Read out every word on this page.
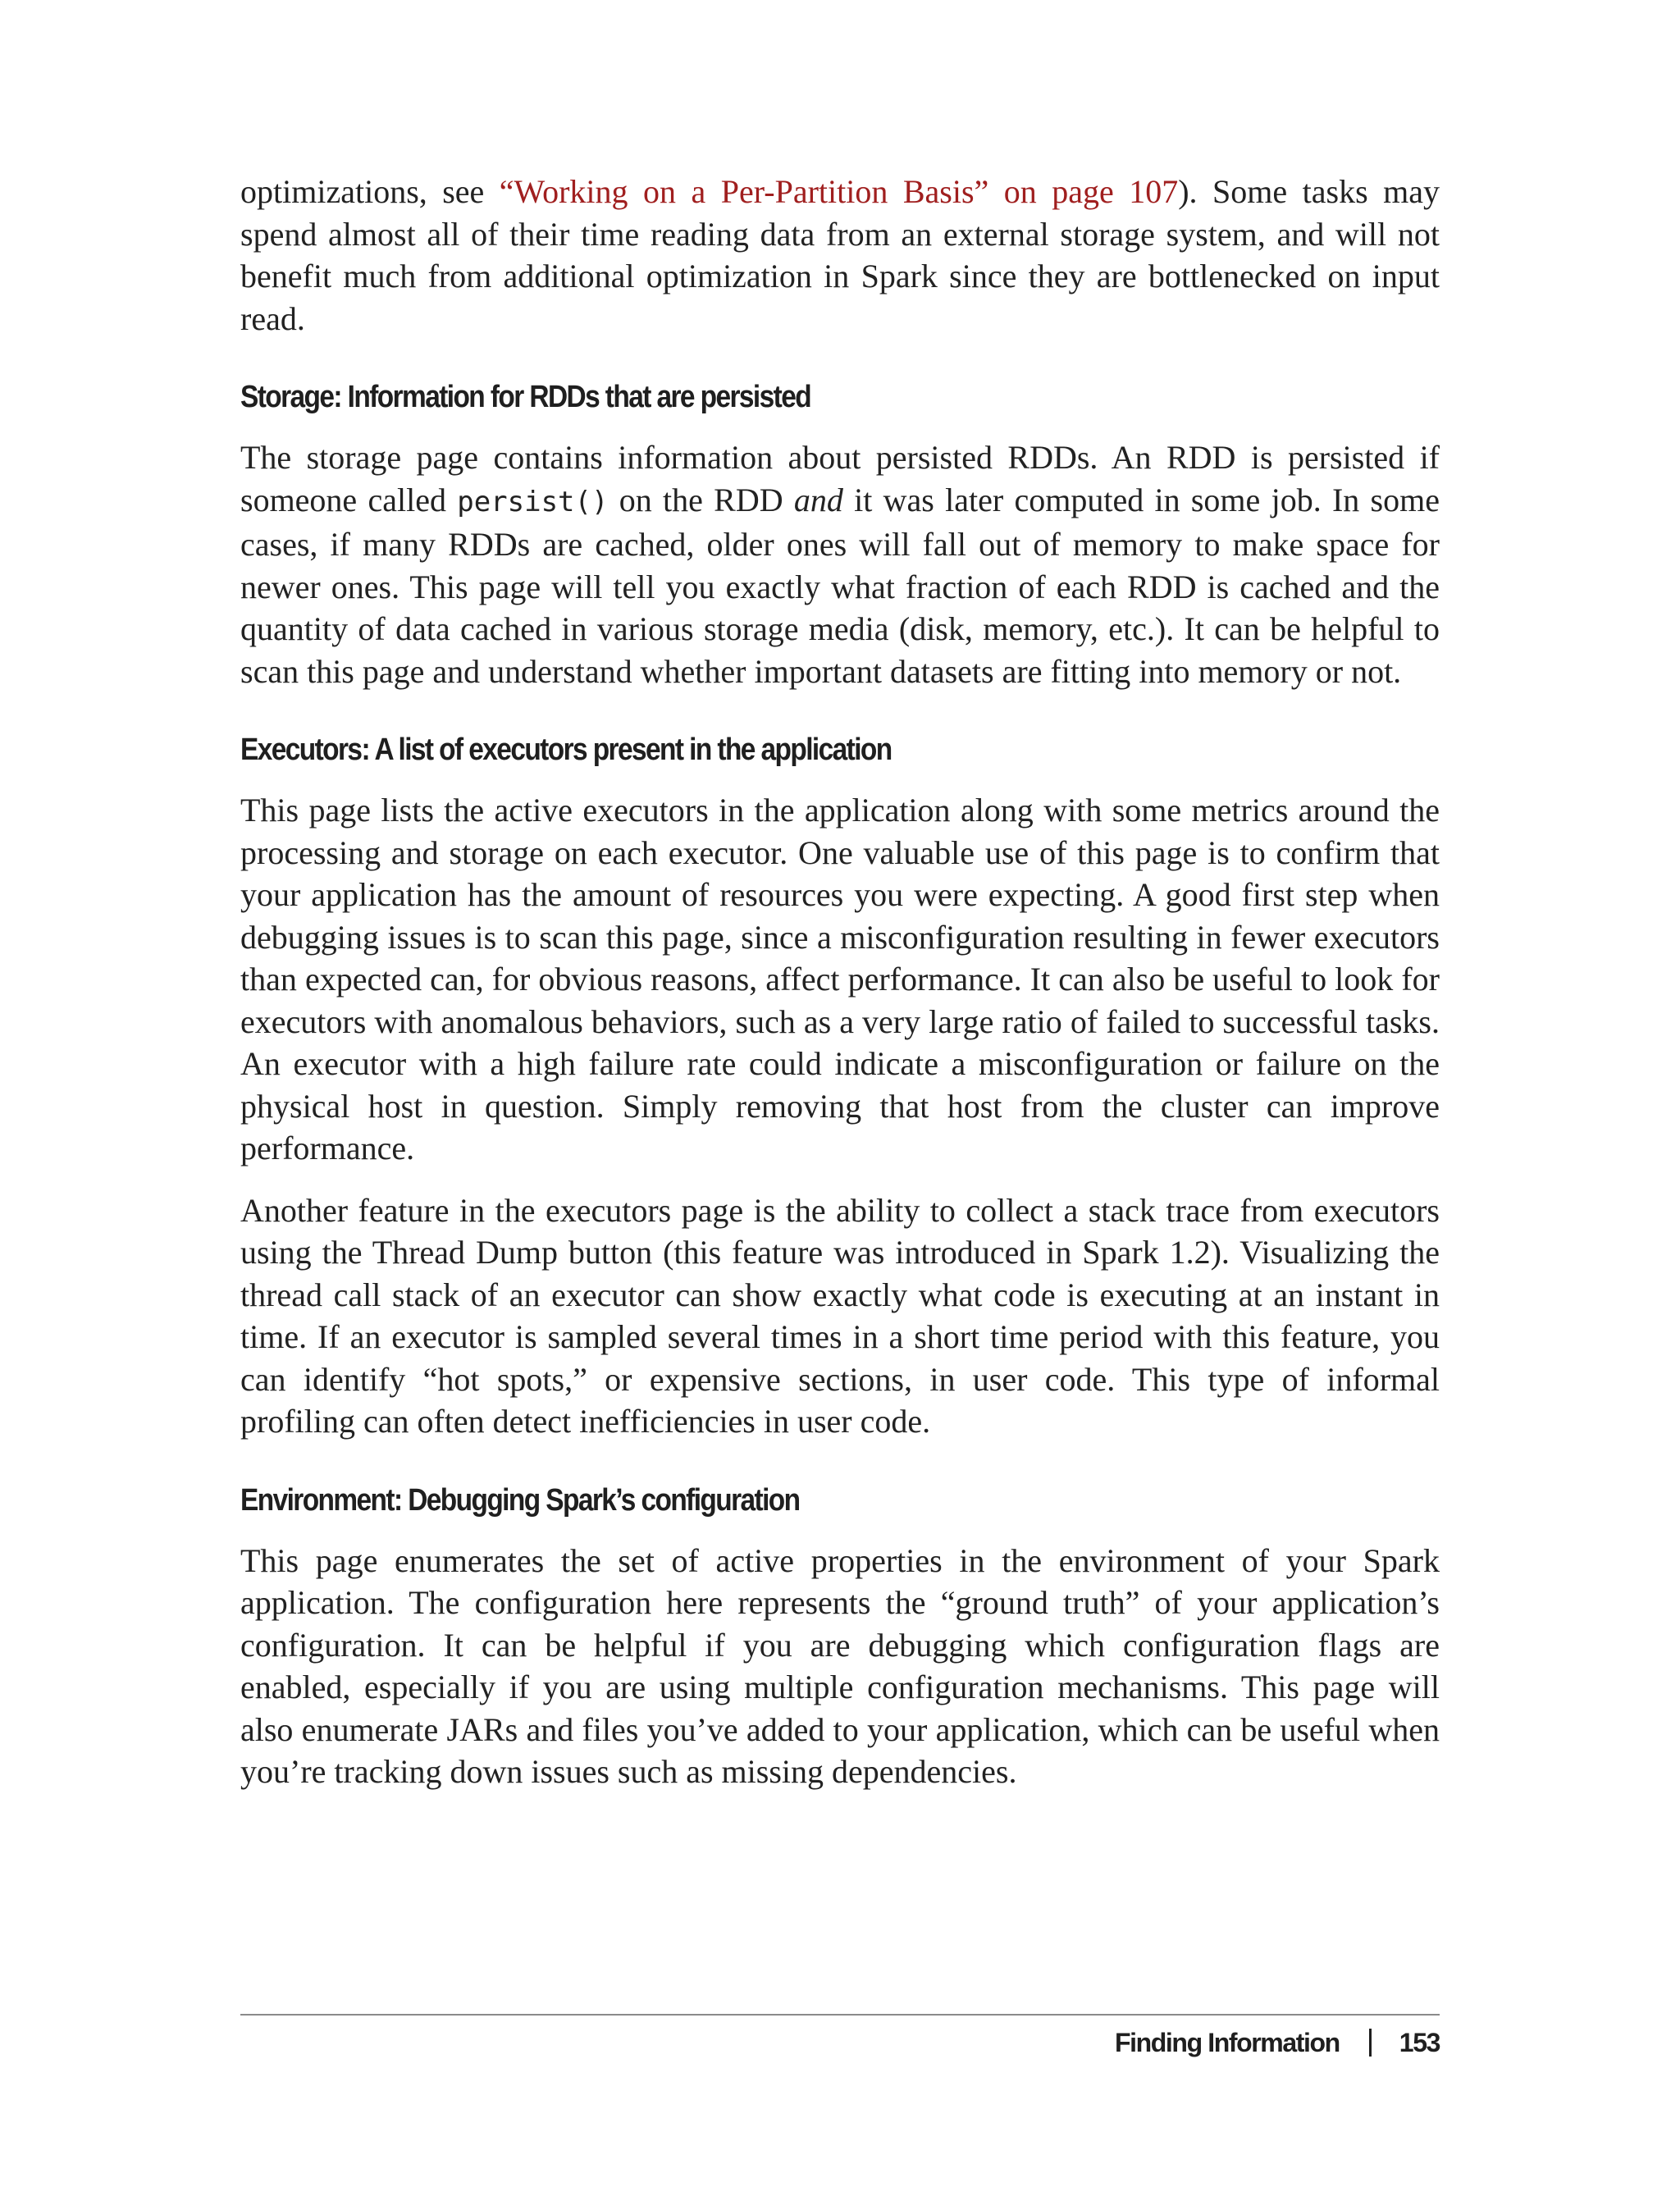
optimizations, see “Working on a Per-Partition Basis” on page 107). Some tasks may spend almost all of their time reading data from an external storage system, and will not benefit much from additional optimization in Spark since they are bottlenecked on input read.

Storage: Information for RDDs that are persisted

The storage page contains information about persisted RDDs. An RDD is persisted if someone called persist() on the RDD and it was later computed in some job. In some cases, if many RDDs are cached, older ones will fall out of memory to make space for newer ones. This page will tell you exactly what fraction of each RDD is cached and the quantity of data cached in various storage media (disk, memory, etc.). It can be helpful to scan this page and understand whether important datasets are fitting into memory or not.

Executors: A list of executors present in the application

This page lists the active executors in the application along with some metrics around the processing and storage on each executor. One valuable use of this page is to confirm that your application has the amount of resources you were expecting. A good first step when debugging issues is to scan this page, since a misconfiguration resulting in fewer executors than expected can, for obvious reasons, affect performance. It can also be useful to look for executors with anomalous behaviors, such as a very large ratio of failed to successful tasks. An executor with a high failure rate could indicate a misconfiguration or failure on the physical host in question. Simply removing that host from the cluster can improve performance.

Another feature in the executors page is the ability to collect a stack trace from executors using the Thread Dump button (this feature was introduced in Spark 1.2). Visualizing the thread call stack of an executor can show exactly what code is executing at an instant in time. If an executor is sampled several times in a short time period with this feature, you can identify “hot spots,” or expensive sections, in user code. This type of informal profiling can often detect inefficiencies in user code.

Environment: Debugging Spark’s configuration

This page enumerates the set of active properties in the environment of your Spark application. The configuration here represents the “ground truth” of your application’s configuration. It can be helpful if you are debugging which configuration flags are enabled, especially if you are using multiple configuration mechanisms. This page will also enumerate JARs and files you’ve added to your application, which can be useful when you’re tracking down issues such as missing dependencies.

Finding Information 153
